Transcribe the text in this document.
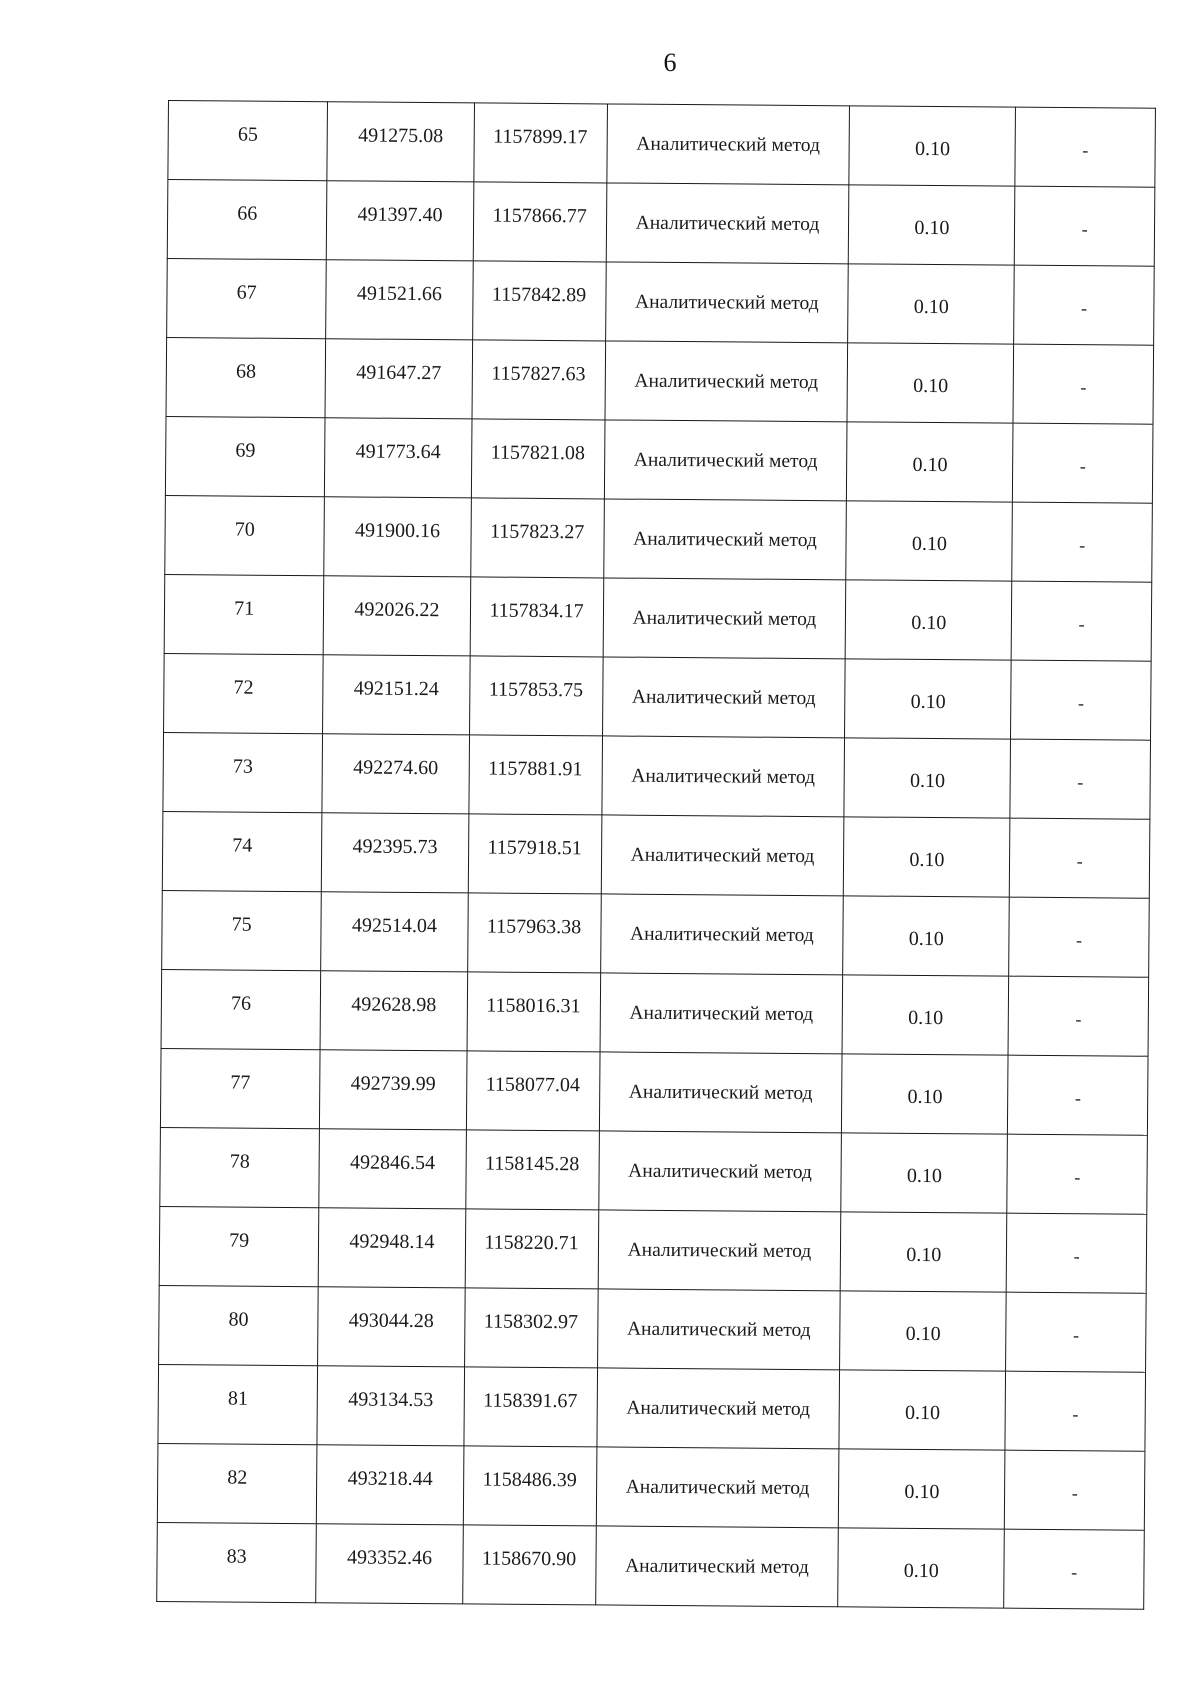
6
65	491275.08	1157899.17	Аналитический метод	0.10	-
66	491397.40	1157866.77	Аналитический метод	0.10	-
67	491521.66	1157842.89	Аналитический метод	0.10	-
68	491647.27	1157827.63	Аналитический метод	0.10	-
69	491773.64	1157821.08	Аналитический метод	0.10	-
70	491900.16	1157823.27	Аналитический метод	0.10	-
71	492026.22	1157834.17	Аналитический метод	0.10	-
72	492151.24	1157853.75	Аналитический метод	0.10	-
73	492274.60	1157881.91	Аналитический метод	0.10	-
74	492395.73	1157918.51	Аналитический метод	0.10	-
75	492514.04	1157963.38	Аналитический метод	0.10	-
76	492628.98	1158016.31	Аналитический метод	0.10	-
77	492739.99	1158077.04	Аналитический метод	0.10	-
78	492846.54	1158145.28	Аналитический метод	0.10	-
79	492948.14	1158220.71	Аналитический метод	0.10	-
80	493044.28	1158302.97	Аналитический метод	0.10	-
81	493134.53	1158391.67	Аналитический метод	0.10	-
82	493218.44	1158486.39	Аналитический метод	0.10	-
83	493352.46	1158670.90	Аналитический метод	0.10	-
